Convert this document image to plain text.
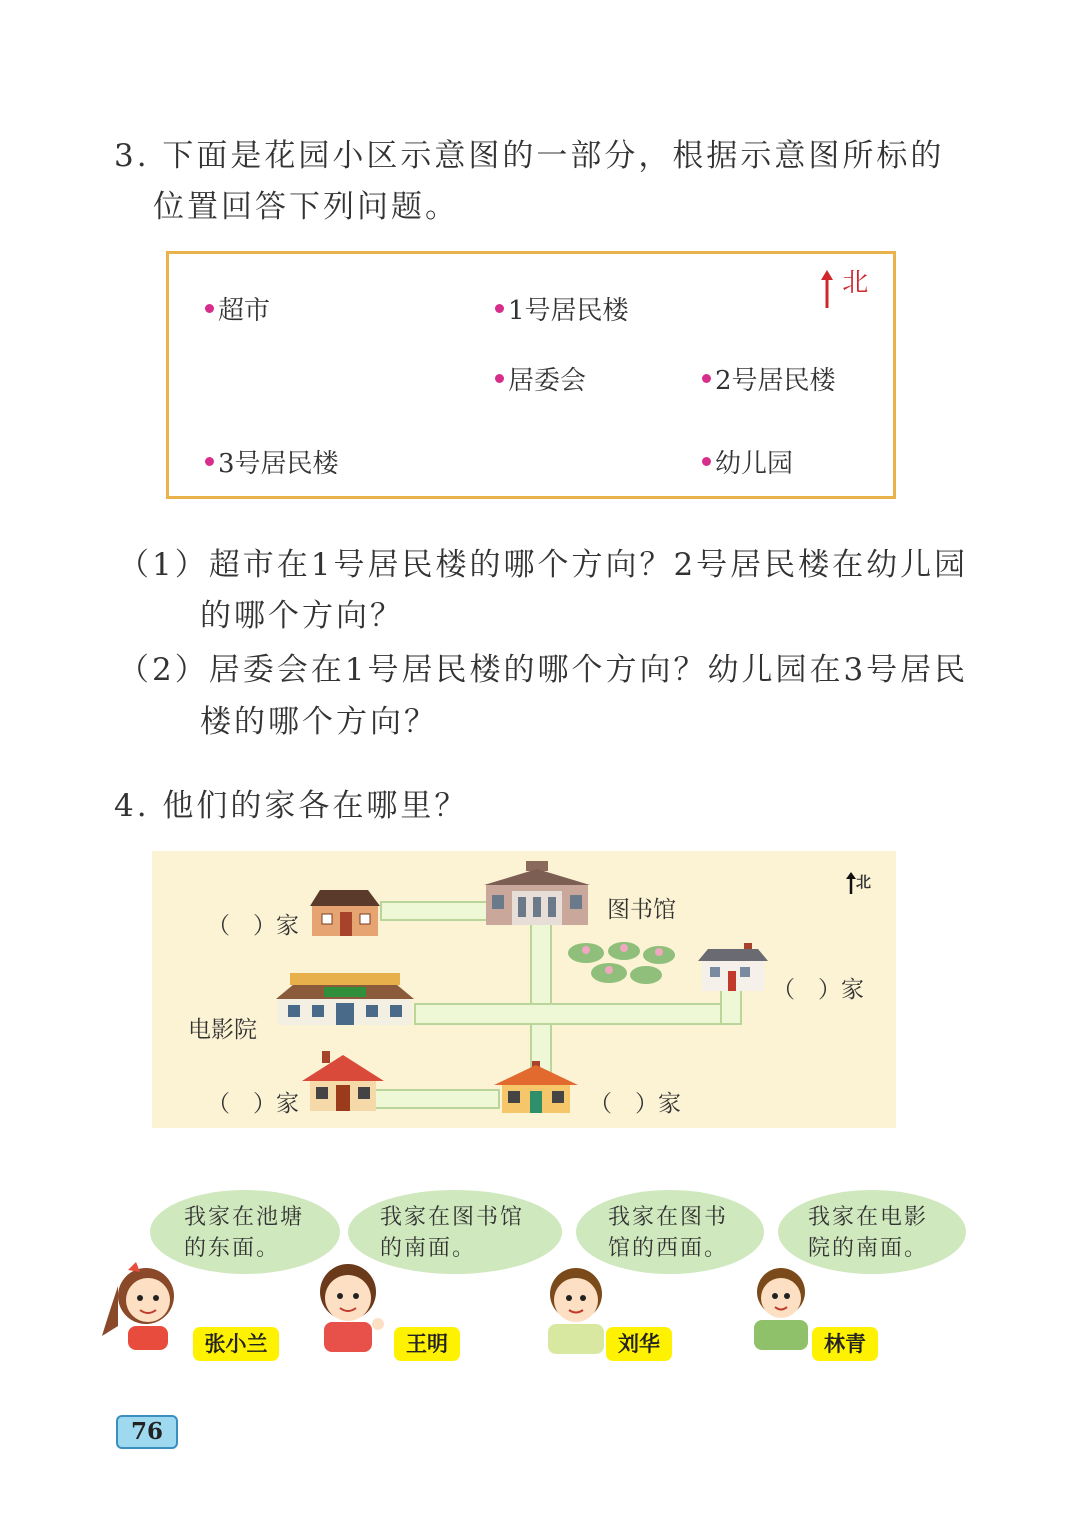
3. 下面是花园小区示意图的一部分，根据示意图所标的
位置回答下列问题。
超市	1号居民楼
居委会	2号居民楼
3号居民楼	幼儿园
北
（1）超市在1号居民楼的哪个方向？2号居民楼在幼儿园
的哪个方向？
（2）居委会在1号居民楼的哪个方向？幼儿园在3号居民
楼的哪个方向？
4. 他们的家各在哪里？
（　）家
图书馆
北
（　）家
电影院
（　）家	（　）家
我家在池塘
的东面。
我家在图书馆
的南面。
我家在图书
馆的西面。
我家在电影
院的南面。
张小兰	王明	刘华	林青
76
